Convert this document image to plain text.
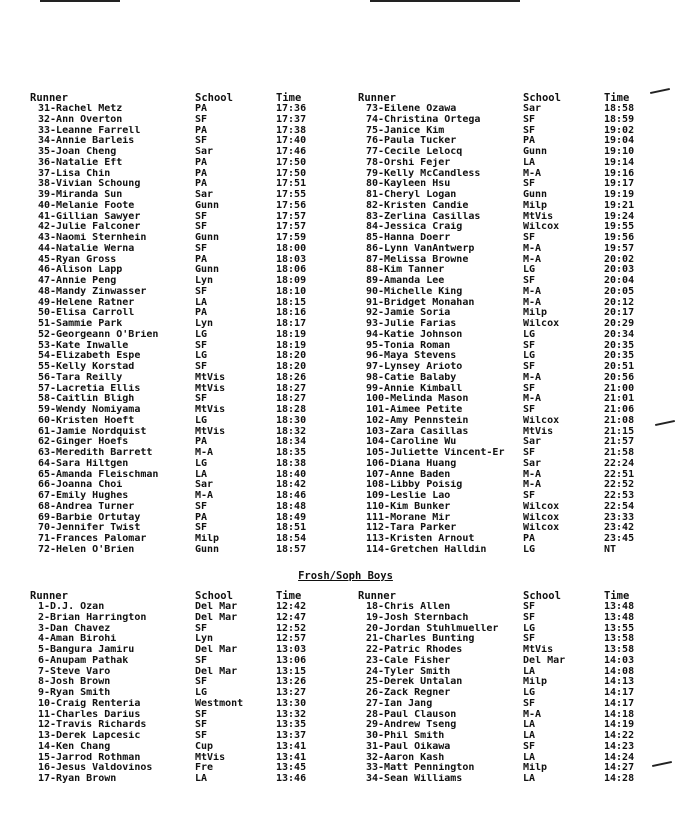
Runner	School	Time
31-Rachel Metz	PA	17:36
32-Ann Overton	SF	17:37
33-Leanne Farrell	PA	17:38
34-Annie Barleis	SF	17:40
35-Joan Cheng	Sar	17:46
36-Natalie Eft	PA	17:50
37-Lisa Chin	PA	17:50
38-Vivian Schoung	PA	17:51
39-Miranda Sun	Sar	17:55
40-Melanie Foote	Gunn	17:56
41-Gillian Sawyer	SF	17:57
42-Julie Falconer	SF	17:57
43-Naomi Sternhein	Gunn	17:59
44-Natalie Werna	SF	18:00
45-Ryan Gross	PA	18:03
46-Alison Lapp	Gunn	18:06
47-Annie Peng	Lyn	18:09
48-Mandy Zinwasser	SF	18:10
49-Helene Ratner	LA	18:15
50-Elisa Carroll	PA	18:16
51-Sammie Park	Lyn	18:17
52-Georgeann O'Brien	LG	18:19
53-Kate Inwalle	SF	18:19
54-Elizabeth Espe	LG	18:20
55-Kelly Korstad	SF	18:20
56-Tara Reilly	MtVis	18:26
57-Lacretia Ellis	MtVis	18:27
58-Caitlin Bligh	SF	18:27
59-Wendy Nomiyama	MtVis	18:28
60-Kristen Hoeft	LG	18:30
61-Jamie Nordquist	MtVis	18:32
62-Ginger Hoefs	PA	18:34
63-Meredith Barrett	M-A	18:35
64-Sara Hiltgen	LG	18:38
65-Amanda Fleischman	LA	18:40
66-Joanna Choi	Sar	18:42
67-Emily Hughes	M-A	18:46
68-Andrea Turner	SF	18:48
69-Barbie Ortutay	PA	18:49
70-Jennifer Twist	SF	18:51
71-Frances Palomar	Milp	18:54
72-Helen O'Brien	Gunn	18:57
Runner	School	Time
73-Eilene Ozawa	Sar	18:58
74-Christina Ortega	SF	18:59
75-Janice Kim	SF	19:02
76-Paula Tucker	PA	19:04
77-Cecile Lelocq	Gunn	19:10
78-Orshi Fejer	LA	19:14
79-Kelly McCandless	M-A	19:16
80-Kayleen Hsu	SF	19:17
81-Cheryl Logan	Gunn	19:19
82-Kristen Candie	Milp	19:21
83-Zerlina Casillas	MtVis	19:24
84-Jessica Craig	Wilcox	19:55
85-Hanna Doerr	SF	19:56
86-Lynn VanAntwerp	M-A	19:57
87-Melissa Browne	M-A	20:02
88-Kim Tanner	LG	20:03
89-Amanda Lee	SF	20:04
90-Michelle King	M-A	20:05
91-Bridget Monahan	M-A	20:12
92-Jamie Soria	Milp	20:17
93-Julie Farias	Wilcox	20:29
94-Katie Johnson	LG	20:34
95-Tonia Roman	SF	20:35
96-Maya Stevens	LG	20:35
97-Lynsey Arioto	SF	20:51
98-Catie Balaby	M-A	20:56
99-Annie Kimball	SF	21:00
100-Melinda Mason	M-A	21:01
101-Aimee Petite	SF	21:06
102-Amy Pennstein	Wilcox	21:08
103-Zara Casillas	MtVis	21:15
104-Caroline Wu	Sar	21:57
105-Juliette Vincent-Er	SF	21:58
106-Diana Huang	Sar	22:24
107-Anne Baden	M-A	22:51
108-Libby Poisig	M-A	22:52
109-Leslie Lao	SF	22:53
110-Kim Bunker	Wilcox	22:54
111-Morane Mir	Wilcox	23:33
112-Tara Parker	Wilcox	23:42
113-Kristen Arnout	PA	23:45
114-Gretchen Halldin	LG	NT
Frosh/Soph Boys
Runner	School	Time
1-D.J. Ozan	Del Mar	12:42
2-Brian Harrington	Del Mar	12:47
3-Dan Chavez	SF	12:52
4-Aman Birohi	Lyn	12:57
5-Bangura Jamiru	Del Mar	13:03
6-Anupam Pathak	SF	13:06
7-Steve Varo	Del Mar	13:15
8-Josh Brown	SF	13:26
9-Ryan Smith	LG	13:27
10-Craig Renteria	Westmont	13:30
11-Charles Darius	SF	13:32
12-Travis Richards	SF	13:35
13-Derek Lapcesic	SF	13:37
14-Ken Chang	Cup	13:41
15-Jarrod Rothman	MtVis	13:41
16-Jesus Valdovinos	Fre	13:45
17-Ryan Brown	LA	13:46
Runner	School	Time
18-Chris Allen	SF	13:48
19-Josh Sternbach	SF	13:48
20-Jordan Stuhlmueller	LG	13:55
21-Charles Bunting	SF	13:58
22-Patric Rhodes	MtVis	13:58
23-Cale Fisher	Del Mar	14:03
24-Tyler Smith	LA	14:08
25-Derek Untalan	Milp	14:13
26-Zack Regner	LG	14:17
27-Ian Jang	SF	14:17
28-Paul Clauson	M-A	14:18
29-Andrew Tseng	LA	14:19
30-Phil Smith	LA	14:22
31-Paul Oikawa	SF	14:23
32-Aaron Kash	LA	14:24
33-Matt Pennington	Milp	14:27
34-Sean Williams	LA	14:28
